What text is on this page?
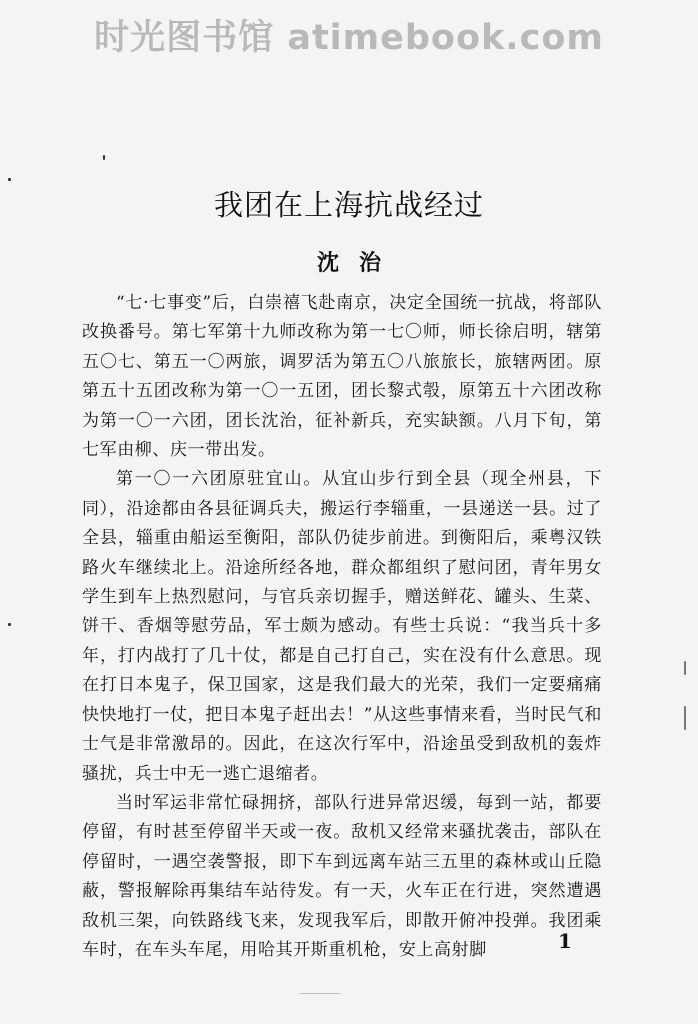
时光图书馆 atimebook.com
我团在上海抗战经过
沈治

“七·七事变”后，白崇禧飞赴南京，决定全国统一抗战，将部队改换番号。第七军第十九师改称为第一七〇师，师长徐启明，辖第五〇七、第五一〇两旅，调罗活为第五〇八旅旅长，旅辖两团。原第五十五团改称为第一〇一五团，团长黎式彀，原第五十六团改称为第一〇一六团，团长沈治，征补新兵，充实缺额。八月下旬，第七军由柳、庆一带出发。

第一〇一六团原驻宜山。从宜山步行到全县（现全州县，下同），沿途都由各县征调兵夫，搬运行李辎重，一县递送一县。过了全县，辎重由船运至衡阳，部队仍徒步前进。到衡阳后，乘粤汉铁路火车继续北上。沿途所经各地，群众都组织了慰问团，青年男女学生到车上热烈慰问，与官兵亲切握手，赠送鲜花、罐头、生菜、饼干、香烟等慰劳品，军士颇为感动。有些士兵说：“我当兵十多年，打内战打了几十仗，都是自己打自己，实在没有什么意思。现在打日本鬼子，保卫国家，这是我们最大的光荣，我们一定要痛痛快快地打一仗，把日本鬼子赶出去！”从这些事情来看，当时民气和士气是非常激昂的。因此，在这次行军中，沿途虽受到敌机的轰炸骚扰，兵士中无一逃亡退缩者。

当时军运非常忙碌拥挤，部队行进异常迟缓，每到一站，都要停留，有时甚至停留半天或一夜。敌机又经常来骚扰袭击，部队在停留时，一遇空袭警报，即下车到远离车站三五里的森林或山丘隐蔽，警报解除再集结车站待发。有一天，火车正在行进，突然遭遇敌机三架，向铁路线飞来，发现我军后，即散开俯冲投弹。我团乘车时，在车头车尾，用哈其开斯重机枪，安上高射脚	1
